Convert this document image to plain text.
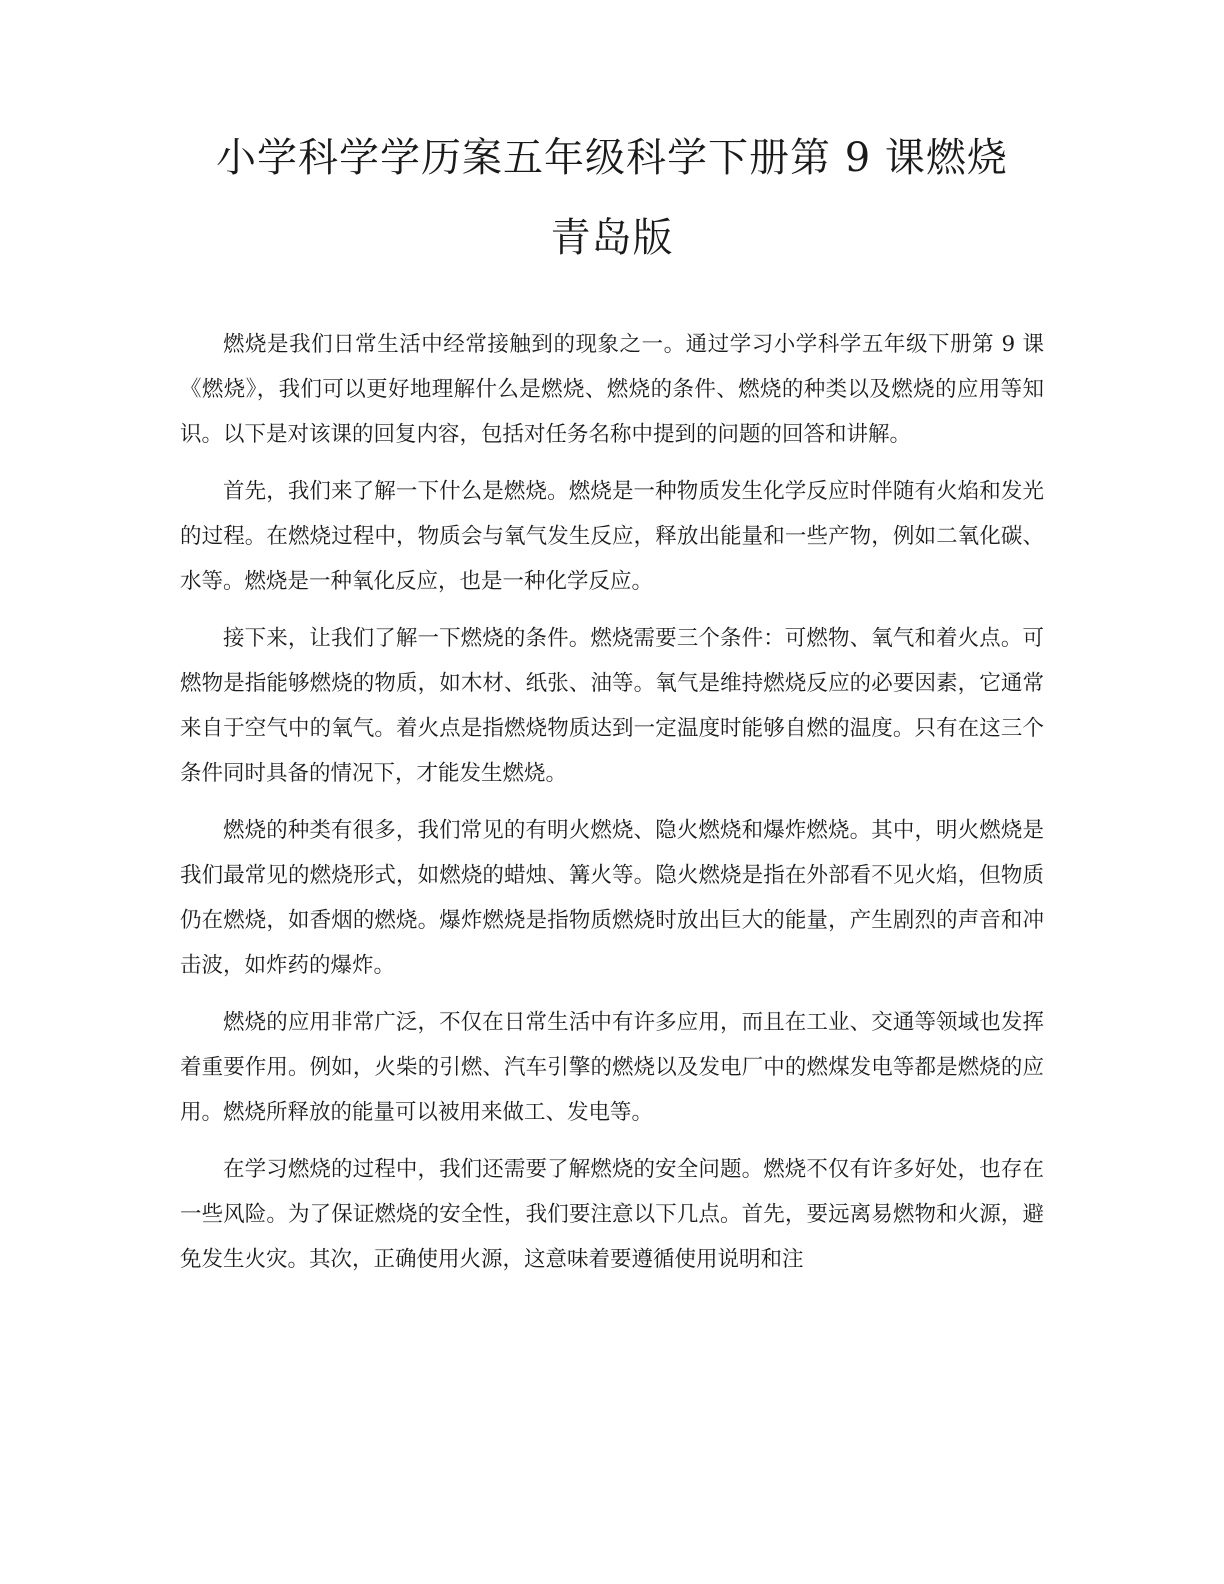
小学科学学历案五年级科学下册第 9 课燃烧
青岛版

燃烧是我们日常生活中经常接触到的现象之一。通过学习小学科学五年级下册第 9 课《燃烧》，我们可以更好地理解什么是燃烧、燃烧的条件、燃烧的种类以及燃烧的应用等知识。以下是对该课的回复内容，包括对任务名称中提到的问题的回答和讲解。

首先，我们来了解一下什么是燃烧。燃烧是一种物质发生化学反应时伴随有火焰和发光的过程。在燃烧过程中，物质会与氧气发生反应，释放出能量和一些产物，例如二氧化碳、水等。燃烧是一种氧化反应，也是一种化学反应。

接下来，让我们了解一下燃烧的条件。燃烧需要三个条件：可燃物、氧气和着火点。可燃物是指能够燃烧的物质，如木材、纸张、油等。氧气是维持燃烧反应的必要因素，它通常来自于空气中的氧气。着火点是指燃烧物质达到一定温度时能够自燃的温度。只有在这三个条件同时具备的情况下，才能发生燃烧。

燃烧的种类有很多，我们常见的有明火燃烧、隐火燃烧和爆炸燃烧。其中，明火燃烧是我们最常见的燃烧形式，如燃烧的蜡烛、篝火等。隐火燃烧是指在外部看不见火焰，但物质仍在燃烧，如香烟的燃烧。爆炸燃烧是指物质燃烧时放出巨大的能量，产生剧烈的声音和冲击波，如炸药的爆炸。

燃烧的应用非常广泛，不仅在日常生活中有许多应用，而且在工业、交通等领域也发挥着重要作用。例如，火柴的引燃、汽车引擎的燃烧以及发电厂中的燃煤发电等都是燃烧的应用。燃烧所释放的能量可以被用来做工、发电等。

在学习燃烧的过程中，我们还需要了解燃烧的安全问题。燃烧不仅有许多好处，也存在一些风险。为了保证燃烧的安全性，我们要注意以下几点。首先，要远离易燃物和火源，避免发生火灾。其次，正确使用火源，这意味着要遵循使用说明和注
